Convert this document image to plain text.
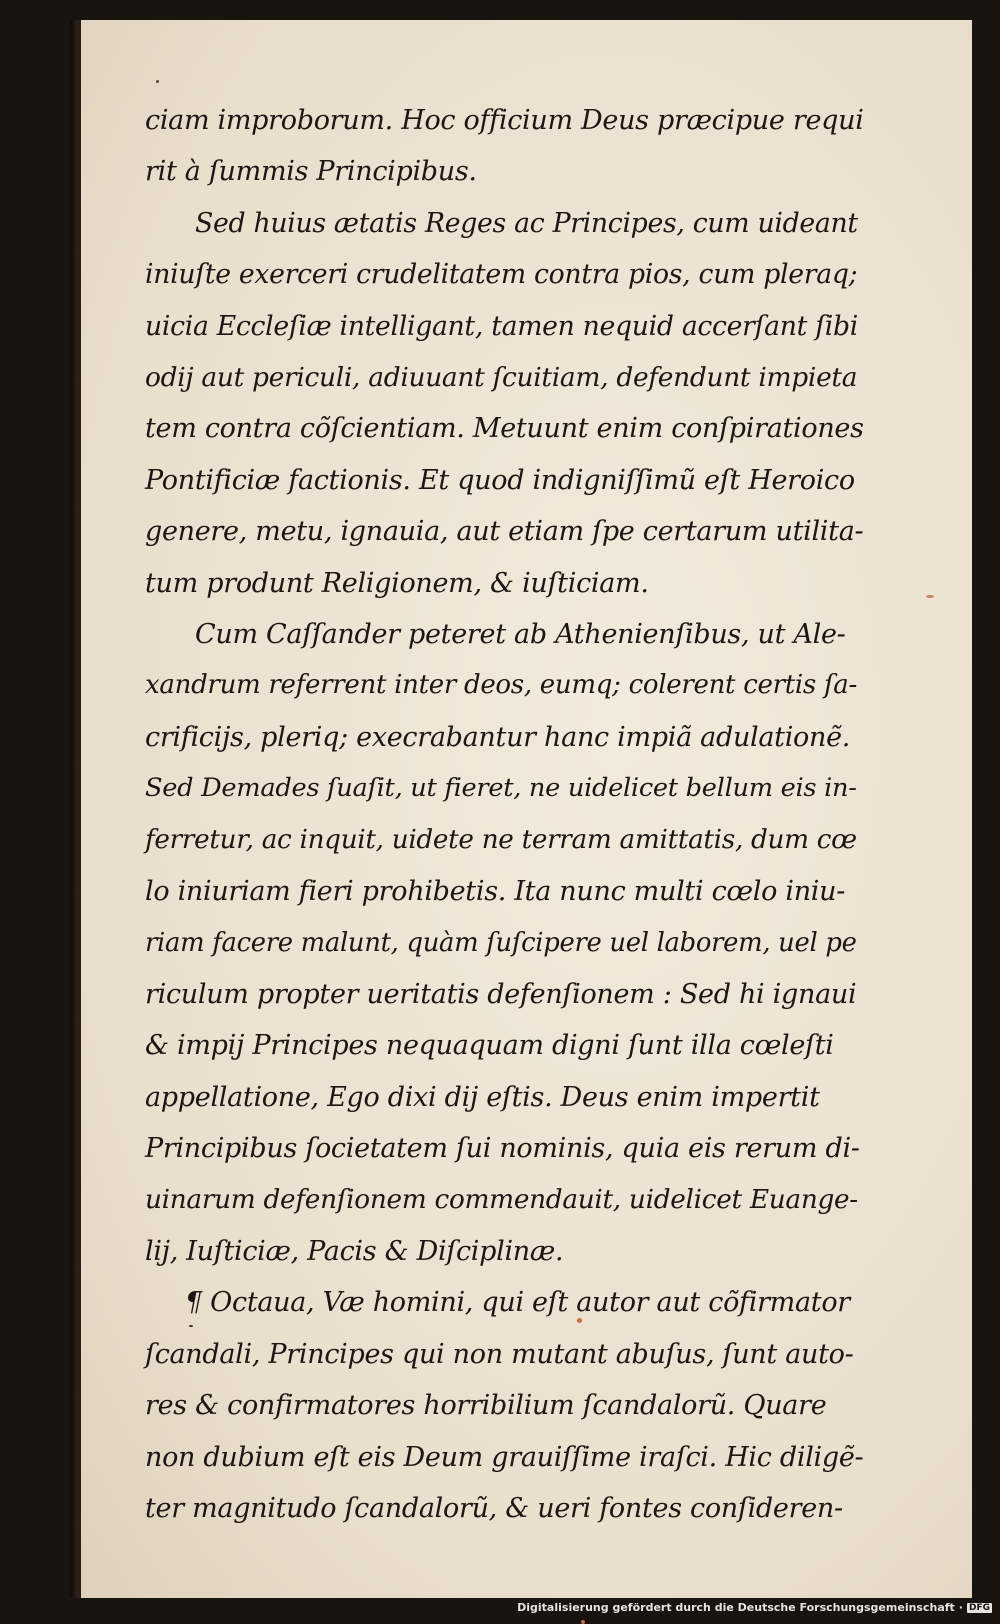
ciam improborum. Hoc officium Deus præcipue requi
rit à ſummis Principibus.
Sed huius ætatis Reges ac Principes, cum uideant
iniuſte exerceri crudelitatem contra pios, cum pleraq;
uicia Eccleſiæ intelligant, tamen nequid accerſant ſibi
odij aut periculi, adiuuant ſcuitiam, defendunt impieta
tem contra cõſcientiam. Metuunt enim conſpirationes
Pontificiæ factionis. Et quod indigniſſimũ eſt Heroico
genere, metu, ignauia, aut etiam ſpe certarum utilita-
tum produnt Religionem, & iuſticiam.
Cum Caſſander peteret ab Athenienſibus, ut Ale-
xandrum referrent inter deos, eumq; colerent certis ſa-
crificijs, pleriq; execrabantur hanc impiã adulationẽ.
Sed Demades ſuaſit, ut fieret, ne uidelicet bellum eis in-
ferretur, ac inquit, uidete ne terram amittatis, dum cœ
lo iniuriam fieri prohibetis. Ita nunc multi cœlo iniu-
riam facere malunt, quàm ſuſcipere uel laborem, uel pe
riculum propter ueritatis defenſionem : Sed hi ignaui
& impij Principes nequaquam digni ſunt illa cœleſti
appellatione, Ego dixi dij eſtis. Deus enim impertit
Principibus ſocietatem ſui nominis, quia eis rerum di-
uinarum defenſionem commendauit, uidelicet Euange-
lij, Iuſticiæ, Pacis & Diſciplinæ.
¶ Octaua, Væ homini, qui eſt autor aut cõfirmator
ſcandali, Principes qui non mutant abuſus, ſunt auto-
res & confirmatores horribilium ſcandalorũ. Quare
non dubium eſt eis Deum grauiſſime iraſci. Hic diligẽ-
ter magnitudo ſcandalorũ, & ueri fontes conſideren-
Digitalisierung gefördert durch die Deutsche Forschungsgemeinschaft · DFG
